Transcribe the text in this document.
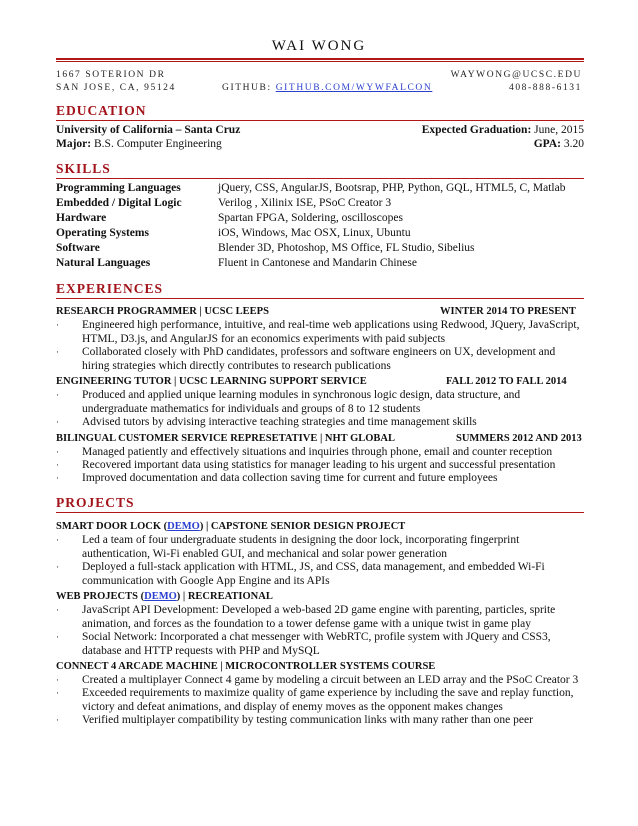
WAI WONG
1667 SOTERION DR
SAN JOSE, CA, 95124	GITHUB: GITHUB.COM/WYWFALCON
WAYWONG@UCSC.EDU
408-888-6131
EDUCATION
University of California – Santa Cruz	Expected Graduation: June, 2015
Major: B.S. Computer Engineering	GPA: 3.20
SKILLS
Programming Languages	jQuery, CSS, AngularJS, Bootsrap, PHP, Python, GQL, HTML5, C, Matlab
Embedded / Digital Logic	Verilog , Xilinix ISE, PSoC Creator 3
Hardware	Spartan FPGA, Soldering, oscilloscopes
Operating Systems	iOS, Windows, Mac OSX, Linux, Ubuntu
Software	Blender 3D, Photoshop, MS Office, FL Studio, Sibelius
Natural Languages	Fluent in Cantonese and Mandarin Chinese
EXPERIENCES
RESEARCH PROGRAMMER | UCSC LEEPS	WINTER 2014 TO PRESENT
· Engineered high performance, intuitive, and real-time web applications using Redwood, JQuery, JavaScript, HTML, D3.js, and AngularJS for an economics experiments with paid subjects
· Collaborated closely with PhD candidates, professors and software engineers on UX, development and hiring strategies which directly contributes to research publications
ENGINEERING TUTOR | UCSC LEARNING SUPPORT SERVICE	FALL 2012 TO FALL 2014
· Produced and applied unique learning modules in synchronous logic design, data structure, and undergraduate mathematics for individuals and groups of 8 to 12 students
· Advised tutors by advising interactive teaching strategies and time management skills
BILINGUAL CUSTOMER SERVICE REPRESETATIVE | NHT GLOBAL	SUMMERS 2012 AND 2013
· Managed patiently and effectively situations and inquiries through phone, email and counter reception
· Recovered important data using statistics for manager leading to his urgent and successful presentation
· Improved documentation and data collection saving time for current and future employees
PROJECTS
SMART DOOR LOCK (DEMO) | CAPSTONE SENIOR DESIGN PROJECT
· Led a team of four undergraduate students in designing the door lock, incorporating fingerprint authentication, Wi-Fi enabled GUI, and mechanical and solar power generation
· Deployed a full-stack application with HTML, JS, and CSS, data management, and embedded Wi-Fi communication with Google App Engine and its APIs
WEB PROJECTS (DEMO) | RECREATIONAL
· JavaScript API Development: Developed a web-based 2D game engine with parenting, particles, sprite animation, and forces as the foundation to a tower defense game with a unique twist in game play
· Social Network: Incorporated a chat messenger with WebRTC, profile system with JQuery and CSS3, database and HTTP requests with PHP and MySQL
CONNECT 4 ARCADE MACHINE | MICROCONTROLLER SYSTEMS COURSE
· Created a multiplayer Connect 4 game by modeling a circuit between an LED array and the PSoC Creator 3
· Exceeded requirements to maximize quality of game experience by including the save and replay function, victory and defeat animations, and display of enemy moves as the opponent makes changes
· Verified multiplayer compatibility by testing communication links with many rather than one peer
